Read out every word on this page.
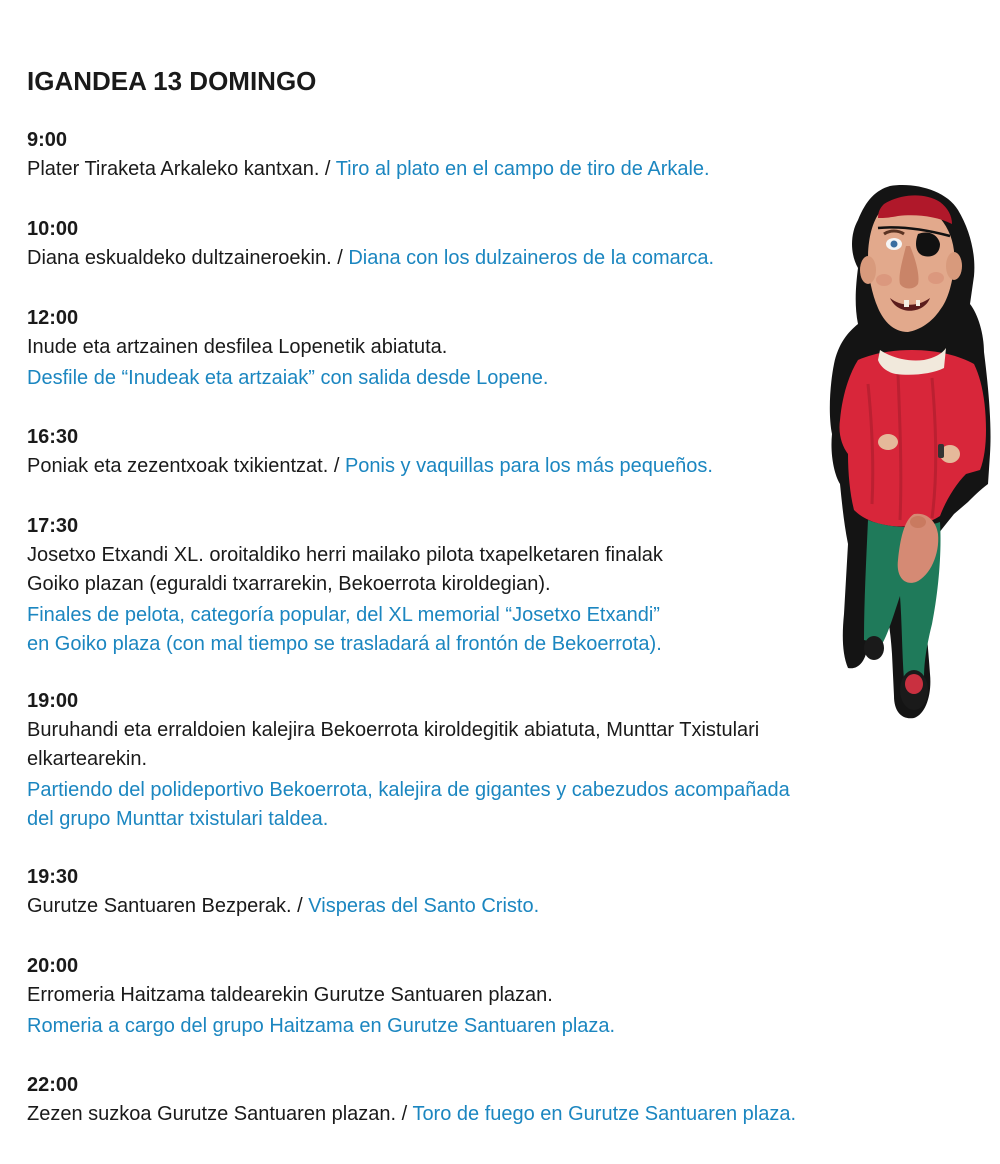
IGANDEA 13 DOMINGO
9:00
Plater Tiraketa Arkaleko kantxan. / Tiro al plato en el campo de tiro de Arkale.
10:00
Diana eskualdeko dultzaineroekin. / Diana con los dulzaineros de la comarca.
12:00
Inude eta artzainen desfilea Lopenetik abiatuta.
Desfile de “Inudeak eta artzaiak” con salida desde Lopene.
16:30
Poniak eta zezentxoak txikientzat. / Ponis y vaquillas para los más pequeños.
17:30
Josetxo Etxandi XL. oroitaldiko herri mailako pilota txapelketaren finalak
Goiko plazan (eguraldi txarrarekin, Bekoerrota kiroldegian).
Finales de pelota, categoría popular, del XL memorial “Josetxo Etxandi”
en Goiko plaza (con mal tiempo se trasladará al frontón de Bekoerrota).
19:00
Buruhandi eta erraldoien kalejira Bekoerrota kiroldegitik abiatuta, Munttar Txistulari
elkartearekin.
Partiendo del polideportivo Bekoerrota, kalejira de gigantes y cabezudos acompañada
del grupo Munttar txistulari taldea.
19:30
Gurutze Santuaren Bezperak. / Visperas del Santo Cristo.
20:00
Erromeria Haitzama taldearekin Gurutze Santuaren plazan.
Romeria a cargo del grupo Haitzama en Gurutze Santuaren plaza.
22:00
Zezen suzkoa Gurutze Santuaren plazan. / Toro de fuego en Gurutze Santuaren plaza.
